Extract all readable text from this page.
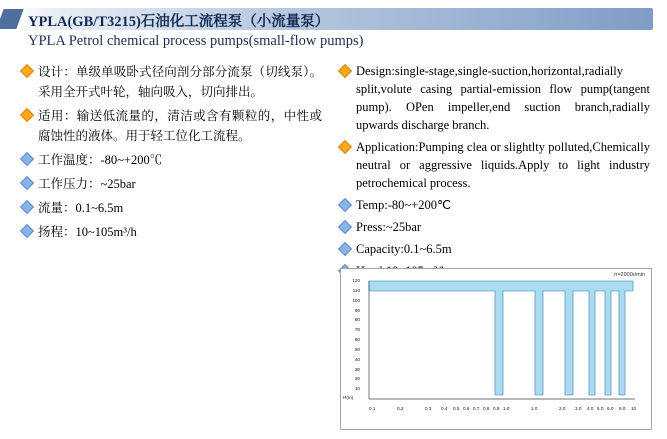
YPLA(GB/T3215)石油化工流程泵（小流量泵）
YPLA Petrol chemical process pumps(small-flow pumps)
设计：单级单吸卧式径向剖分部分流泵（切线泵）。采用全开式叶轮，轴向吸入，切向排出。
适用：输送低流量的，清洁或含有颗粒的，中性或腐蚀性的液体。用于轻工位化工流程。
工作温度：-80~+200℃
工作压力：~25bar
流量：0.1~6.5m
扬程：10~105m³/h
Design:single-stage,single-suction,horizontal,radially split,volute casing partial-emission flow pump(tangent pump). OPen impeller,end suction branch,radially upwards discharge branch.
Application:Pumping clea or slightlty polluted,Chemically neutral or aggressive liquids.Apply to light industry petrochemical process.
Temp:-80~+200℃
Press:~25bar
Capacity:0.1~6.5m
n=2900r/min
H(m)
120
110
100
90
80
70
60
50
40
30
20
10
0.1	0.2	0.3 0.4 0.5 0.6 0.7 0.8 0.9 1.0	1.0	2.0 3.0 4.0 5.0 6.0 8.0 10
